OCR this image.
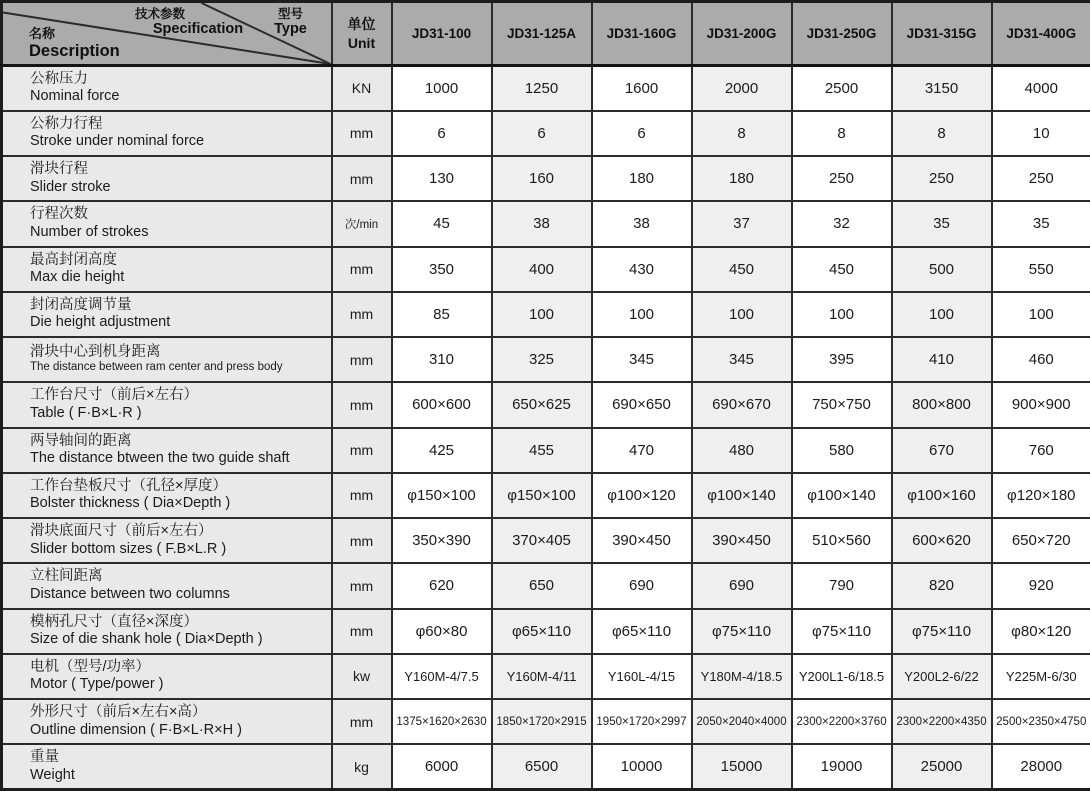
技术参数
Specification
型号
Type
名称
Description

单位
Unit
	JD31-100	JD31-125A	JD31-160G	JD31-200G	JD31-250G	JD31-315G	JD31-400G

公称压力
Nominal force	KN	1000	1250	1600	2000	2500	3150	4000

公称力行程
Stroke under nominal force	mm	6	6	6	8	8	8	10

滑块行程
Slider stroke	mm	130	160	180	180	250	250	250

行程次数
Number of strokes	次/min	45	38	38	37	32	35	35

最高封闭高度
Max die height	mm	350	400	430	450	450	500	550

封闭高度调节量
Die height adjustment	mm	85	100	100	100	100	100	100

滑块中心到机身距离
The distance between ram center and press body	mm	310	325	345	345	395	410	460

工作台尺寸（前后×左右）
Table ( F·B×L·R )	mm	600×600	650×625	690×650	690×670	750×750	800×800	900×900

两导轴间的距离
The distance btween the two guide shaft	mm	425	455	470	480	580	670	760

工作台垫板尺寸（孔径×厚度）
Bolster thickness ( Dia×Depth )	mm	φ150×100	φ150×100	φ100×120	φ100×140	φ100×140	φ100×160	φ120×180

滑块底面尺寸（前后×左右）
Slider bottom sizes ( F.B×L.R )	mm	350×390	370×405	390×450	390×450	510×560	600×620	650×720

立柱间距离
Distance between two columns	mm	620	650	690	690	790	820	920

模柄孔尺寸（直径×深度）
Size of die shank hole ( Dia×Depth )	mm	φ60×80	φ65×110	φ65×110	φ75×110	φ75×110	φ75×110	φ80×120

电机（型号/功率）
Motor ( Type/power )	kw	Y160M-4/7.5	Y160M-4/11	Y160L-4/15	Y180M-4/18.5	Y200L1-6/18.5	Y200L2-6/22	Y225M-6/30

外形尺寸（前后×左右×高）
Outline dimension ( F·B×L·R×H )	mm	1375×1620×2630	1850×1720×2915	1950×1720×2997	2050×2040×4000	2300×2200×3760	2300×2200×4350	2500×2350×4750

重量
Weight	kg	6000	6500	10000	15000	19000	25000	28000
